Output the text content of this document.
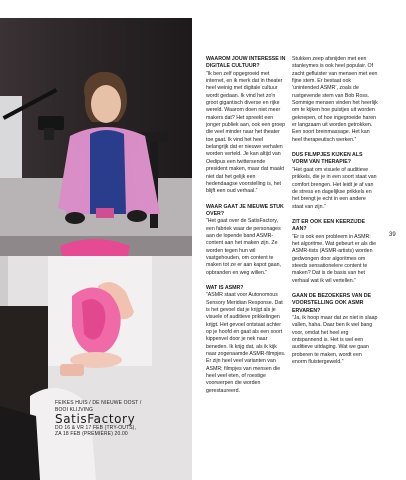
WAAROM JOUW INTERESSE IN DIGITALE CULTUUR?

“Ik ben zelf opgegroeid met internet, en ik merk dat in theater heel weinig met digitale cultuur wordt gedaan. Ik vind het zo'n groot gigantisch diverse en rijke wereld. Waarom doen niet meer makers dat? Het spreekt een jonger publiek aan, ook een groep die veel minder naar het theater toe gaat. Ik vind het heel belangrijk dat er nieuwe verhalen worden verteld. Je kan altijd van Oedipus een twittersende president maken, maar dat maakt niet dat het gelijk een hedendaagse voorstelling is, het blijft een oud verhaal.”

WAAR GAAT JE NIEUWE STUK OVER?

“Het gaat over de SatisFactory, een fabriek waar de personages aan de lopende band ASMR-content aan het maken zijn. Ze worden tegen hun wil vastgehouden, om content te maken tot ze er aan kapot gaan, opbranden en weg willen.”

WAT IS ASMR?

“ASMR staat voor Autonomous Sensory Meridian Response. Dat is het gevoel dat je krijgt als je visuele of auditieve prikkelingen krijgt. Het gevoel ontstaat achter op je hoofd en gaat als een soort kippenvel door je nek naar beneden. Ik krijg dat, als ik kijk naar zogenaamde ASMR-filmpjes. Er zijn heel veel varianten van ASMR; filmpjes van mensen die heel veel eten, of roestige voorwerpen die worden gerestaureerd.

Stukken zeep afsnijden met een stanleymes is ook heel populair. Of zacht gefluister van mensen met een fijne stem. Er bestaat ook ‘unintended ASMR’, zoals de rustgevende stem van Bob Ross. Sommige mensen vinden het heerlijk om te kijken hoe puistjes uit worden geknepen, of hoe ingegroeide haren er langzaam uit worden getrokken. Een soort breinmassage. Het kan heel therapeutisch werken.”

DUS FILMPJES KIJKEN ALS VORM VAN THERAPIE?

“Het gaat om visuele of auditieve prikkels, die je in een soort staat van comfort brengen. Het leidt je af van de stress en dagelijkse prikkels en het brengt je echt in een andere staat van zijn.”

ZIT ER OOK EEN KEERZIJDE AAN?

“Er is ook een probleem in ASMR: het algoritme. Wat gebeurt er als die ASMR-tists (ASMR-artists) worden gedwongen door algoritmes om steeds sensationelere content te maken? Dat is de basis van het verhaal wat ik wil vertellen.”

GAAN DE BEZOEKERS VAN DE VOORSTELLING OOK ASMR ERVAREN?

“Ja, ik hoop maar dat ze niet in slaap vallen, haha. Daar ben ik wel bang voor, omdat het heel erg ontspannend is. Het is wel een auditieve uitdaging. Wat we gaan proberen te maken, wordt een enorm fluistergeweld.”

39
FEIKES HUIS / DE NIEUWE OOST /
BOOI KLIJVING
SatisFactory
DO 16 & VR 17 FEB (TRY-OUTS),
ZA 18 FEB (PREMIÈRE) 20.00
